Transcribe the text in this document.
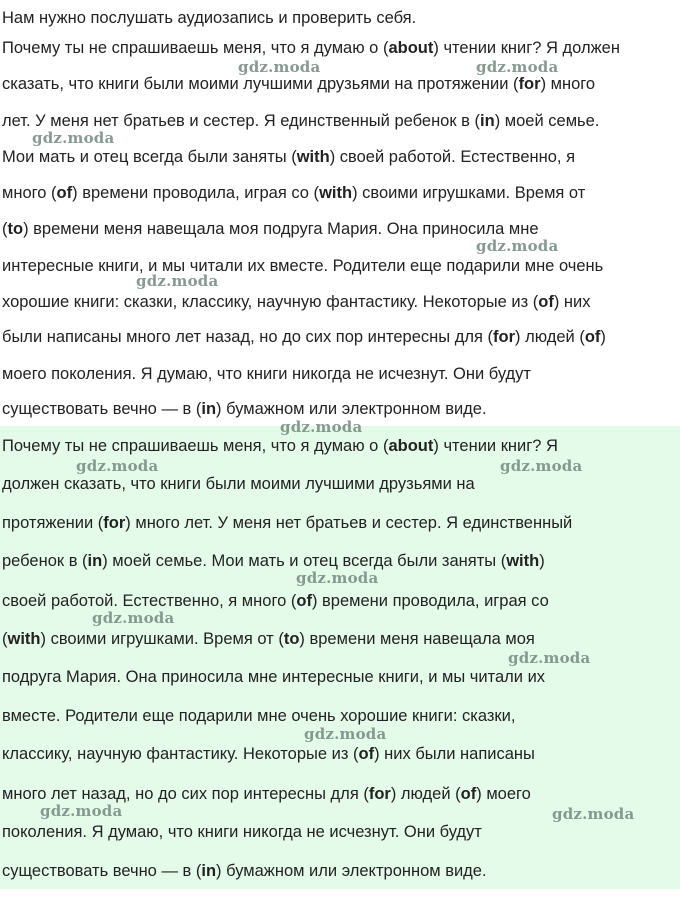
Нам нужно послушать аудиозапись и проверить себя.
Почему ты не спрашиваешь меня, что я думаю о (about) чтении книг? Я должен
сказать, что книги были моими лучшими друзьями на протяжении (for) много
лет. У меня нет братьев и сестер. Я единственный ребенок в (in) моей семье.
Мои мать и отец всегда были заняты (with) своей работой. Естественно, я
много (of) времени проводила, играя со (with) своими игрушками. Время от
(to) времени меня навещала моя подруга Мария. Она приносила мне
интересные книги, и мы читали их вместе. Родители еще подарили мне очень
хорошие книги: сказки, классику, научную фантастику. Некоторые из (of) них
были написаны много лет назад, но до сих пор интересны для (for) людей (of)
моего поколения. Я думаю, что книги никогда не исчезнут. Они будут
существовать вечно — в (in) бумажном или электронном виде.
Почему ты не спрашиваешь меня, что я думаю о (about) чтении книг? Я
должен сказать, что книги были моими лучшими друзьями на
протяжении (for) много лет. У меня нет братьев и сестер. Я единственный
ребенок в (in) моей семье. Мои мать и отец всегда были заняты (with)
своей работой. Естественно, я много (of) времени проводила, играя со
(with) своими игрушками. Время от (to) времени меня навещала моя
подруга Мария. Она приносила мне интересные книги, и мы читали их
вместе. Родители еще подарили мне очень хорошие книги: сказки,
классику, научную фантастику. Некоторые из (of) них были написаны
много лет назад, но до сих пор интересны для (for) людей (of) моего
поколения. Я думаю, что книги никогда не исчезнут. Они будут
существовать вечно — в (in) бумажном или электронном виде.
gdz.moda	gdz.moda
gdz.moda
gdz.moda
gdz.moda
gdz.moda
gdz.moda	gdz.moda
gdz.moda
gdz.moda
gdz.moda
gdz.moda
gdz.moda	gdz.moda
